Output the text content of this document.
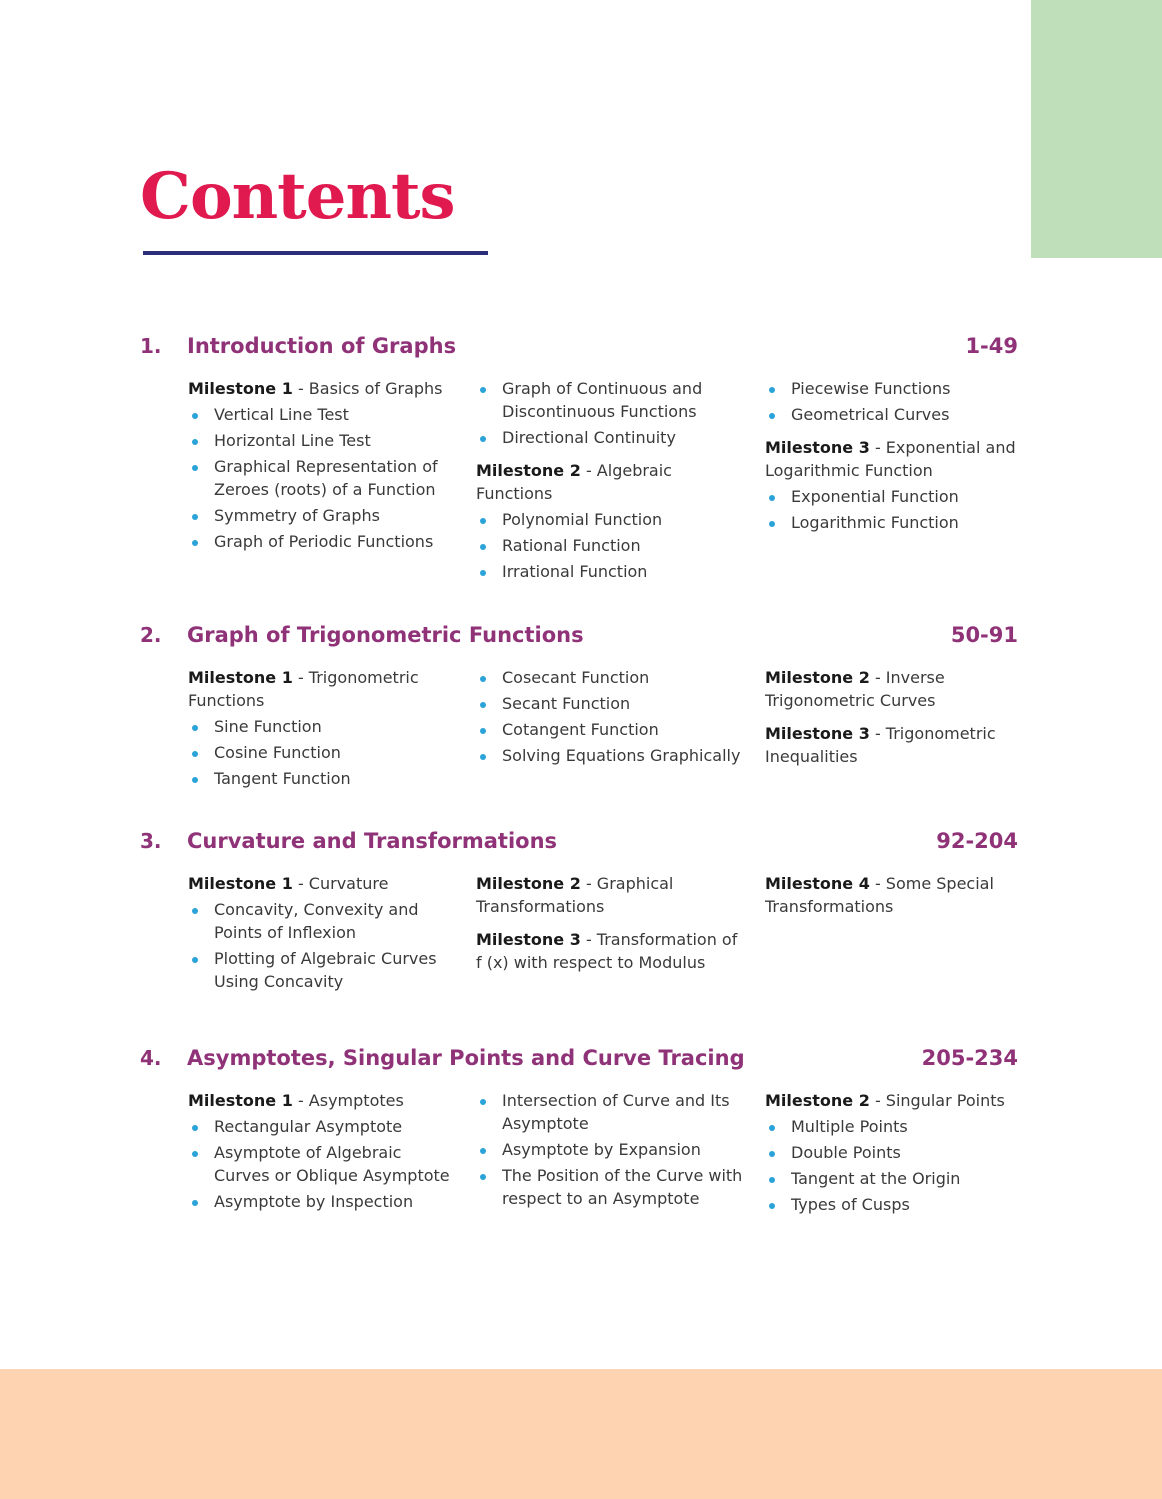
Contents
1. Introduction of Graphs	1-49

Milestone 1 - Basics of Graphs

Vertical Line Test
Horizontal Line Test
Graphical Representation of Zeroes (roots) of a Function
Symmetry of Graphs
Graph of Periodic Functions
Graph of Continuous and Discontinuous Functions
Directional Continuity

Milestone 2 - Algebraic Functions

Polynomial Function
Rational Function
Irrational Function
Piecewise Functions
Geometrical Curves

Milestone 3 - Exponential and Logarithmic Function

Exponential Function
Logarithmic Function
2. Graph of Trigonometric Functions	50-91

Milestone 1 - Trigonometric Functions

Sine Function
Cosine Function
Tangent Function
Cosecant Function
Secant Function
Cotangent Function
Solving Equations Graphically

Milestone 2 - Inverse Trigonometric Curves

Milestone 3 - Trigonometric Inequalities

3. Curvature and Transformations	92-204

Milestone 1 - Curvature

Concavity, Convexity and Points of Inflexion
Plotting of Algebraic Curves Using Concavity

Milestone 2 - Graphical Transformations

Milestone 3 - Transformation of f (x) with respect to Modulus

Milestone 4 - Some Special Transformations

4. Asymptotes, Singular Points and Curve Tracing	205-234

Milestone 1 - Asymptotes

Rectangular Asymptote
Asymptote of Algebraic Curves or Oblique Asymptote
Asymptote by Inspection
Intersection of Curve and Its Asymptote
Asymptote by Expansion
The Position of the Curve with respect to an Asymptote

Milestone 2 - Singular Points

Multiple Points
Double Points
Tangent at the Origin
Types of Cusps
